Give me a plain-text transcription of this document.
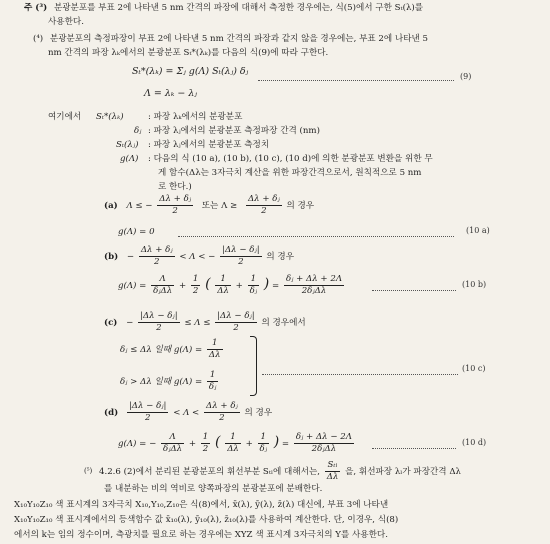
주 (³) 분광분포를 부표 2에 나타낸 5 nm 간격의 파장에 대해서 측정한 경우에는, 식(5)에서 구한 Sₜ(λ)를
사용한다.
(⁴) 분광분포의 측정파장이 부표 2에 나타낸 5 nm 간격의 파장과 같지 않을 경우에는, 부표 2에 나타낸 5
nm 간격의 파장 λₖ에서의 분광분포 Sₜ*(λₖ)를 다음의 식(9)에 따라 구한다.
Sₜ*(λₖ) = Σⱼ g(Λ) Sₜ(λⱼ) δⱼ	(9)
Λ = λₖ − λⱼ
여기에서 Sₜ*(λₖ)	: 파장 λₖ에서의 분광분포
δⱼ : 파장 λⱼ에서의 분광분포 측정파장 간격 (nm)
Sₜ(λⱼ) : 파장 λⱼ에서의 분광분포 측정치
g(Λ) : 다음의 식 (10 a), (10 b), (10 c), (10 d)에 의한 분광분포 변환을 위한 무
게 함수(Δλ는 3자극치 계산을 위한 파장간격으로서, 원칙적으로 5 nm
로 한다.)
(a) Λ ≤ − $\frac{\text{Δλ + δⱼ}}{2}$ 또는 $\Lambda \ge \frac{\text{Δλ + δⱼ}}{2}$ 의 경우
g(Λ) = 0	(10 a)
$(b) - \frac{\text{Δλ + δⱼ}}{2} < \Lambda$ < − $\frac{\text{|Δλ − δⱼ|}}{2}$ 의 경우
$g(\Lambda) = \frac{\Lambda}{\text{δⱼΔλ}} + \frac{1}{2}$ ( $\frac{1}{\Delta\lambda} + \frac{1}{\text{δⱼ}}$ ) = $\frac{\text{δⱼ + Δλ + 2Λ}}{\text{2δⱼΔλ}}$	(10 b)
$(c) - \frac{\text{|Δλ − δⱼ|}}{2} \le \Lambda \le \frac{\text{|Δλ − δⱼ|}}{2}$ 의 경우에서
δⱼ ≤ Δλ 일때 $g(\Lambda) = \frac{1}{\Delta\lambda}$
δⱼ > Δλ 일때 $g(\Lambda) = \frac{1}{\text{δⱼ}}$
(10 c)
$(d) \frac{\text{|Δλ − δⱼ|}}{2} < \Lambda < \frac{\text{Δλ + δⱼ}}{2}$ 의 경우
g(Λ) = − $\frac{\Lambda}{\text{δⱼΔλ}} + \frac{1}{2}$ ( $\frac{1}{\Delta\lambda} + \frac{1}{\text{δⱼ}}$ ) = $\frac{\text{δⱼ + Δλ − 2Λ}}{\text{2δⱼΔλ}}$	(10 d)
$^{(^5)}$ 4.2.6 (2)에서 분리된 분광분포의 휘선부분 Sₜₗ에 대해서는, $\frac{\text{Sₜₗ}}{\Delta\lambda}$ 을, 휘선파장 λₗ가 파장간격 Δλ
를 내분하는 비의 역비로 양쪽파장의 분광분포에 분배한다.
X₁₀Y₁₀Z₁₀ 색 표시계의 3자극치 X₁₀,Y₁₀,Z₁₀은 식(8)에서, x̄(λ), ȳ(λ), z̄(λ) 대신에, 부표 3에 나타낸
X₁₀Y₁₀Z₁₀ 색 표시계에서의 등색함수 값 x̄₁₀(λ), ȳ₁₀(λ), z̄₁₀(λ)를 사용하여 계산한다. 단, 이경우, 식(8)
에서의 k는 임의 정수이며, 측광치를 필요로 하는 경우에는 XYZ 색 표시계 3자극치의 Y를 사용한다.
